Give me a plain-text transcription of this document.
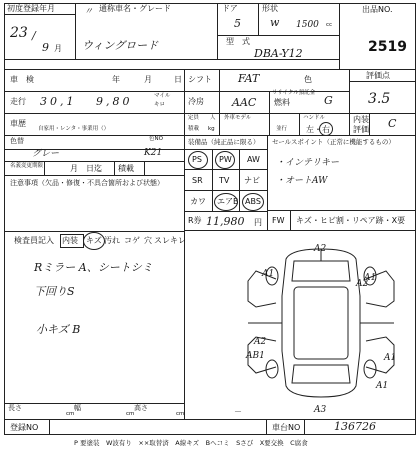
初度登録年月
23 /
9 月
〃 通称車名・グレード
ウィングロード
ドア
5
形状
w 1500 cc
型　式
DBA-Y12
出品NO.
2519
車　検	年	月	日 シフト FAT	色	評価点
走行 30,1 9,80	マイル
キロ	冷房	AAC 燃料
リサイクル預託金
G	3.5
車歴
自家用・レンタ・事業用（）
定員 人
積載 kg
外車モデル
並行
ハンドル
左・右
内装
評価 C
色替
グレー
色NO
K21
名義変更期限	月　日迄 積載
注意事項（欠品・修復・不具合箇所および状態）
装備品（純正品に限る）
PS PW AW
SR TV ナビ
カワ エアB ABS
R券 11,980 円
セールスポイント（正常に機能するもの）
・インテリキー
・オートAW
FW キズ・ヒビ割・リペア跡・X要
検査員記入 内装 キズ 汚れ コゲ 穴 スレ キレ
Rミラー A、シートシミ
下回りS
小キズ B
A2
A1	A1
A2
AB1	A1
A2
A1
A3
長さ
cm
幅
cm
高さ
cm	－
登録NO	車台NO	136726
P 要塗装　W波有り　××取替済　A線キズ　Bへコミ　Sさび　X要交換　C腐食
